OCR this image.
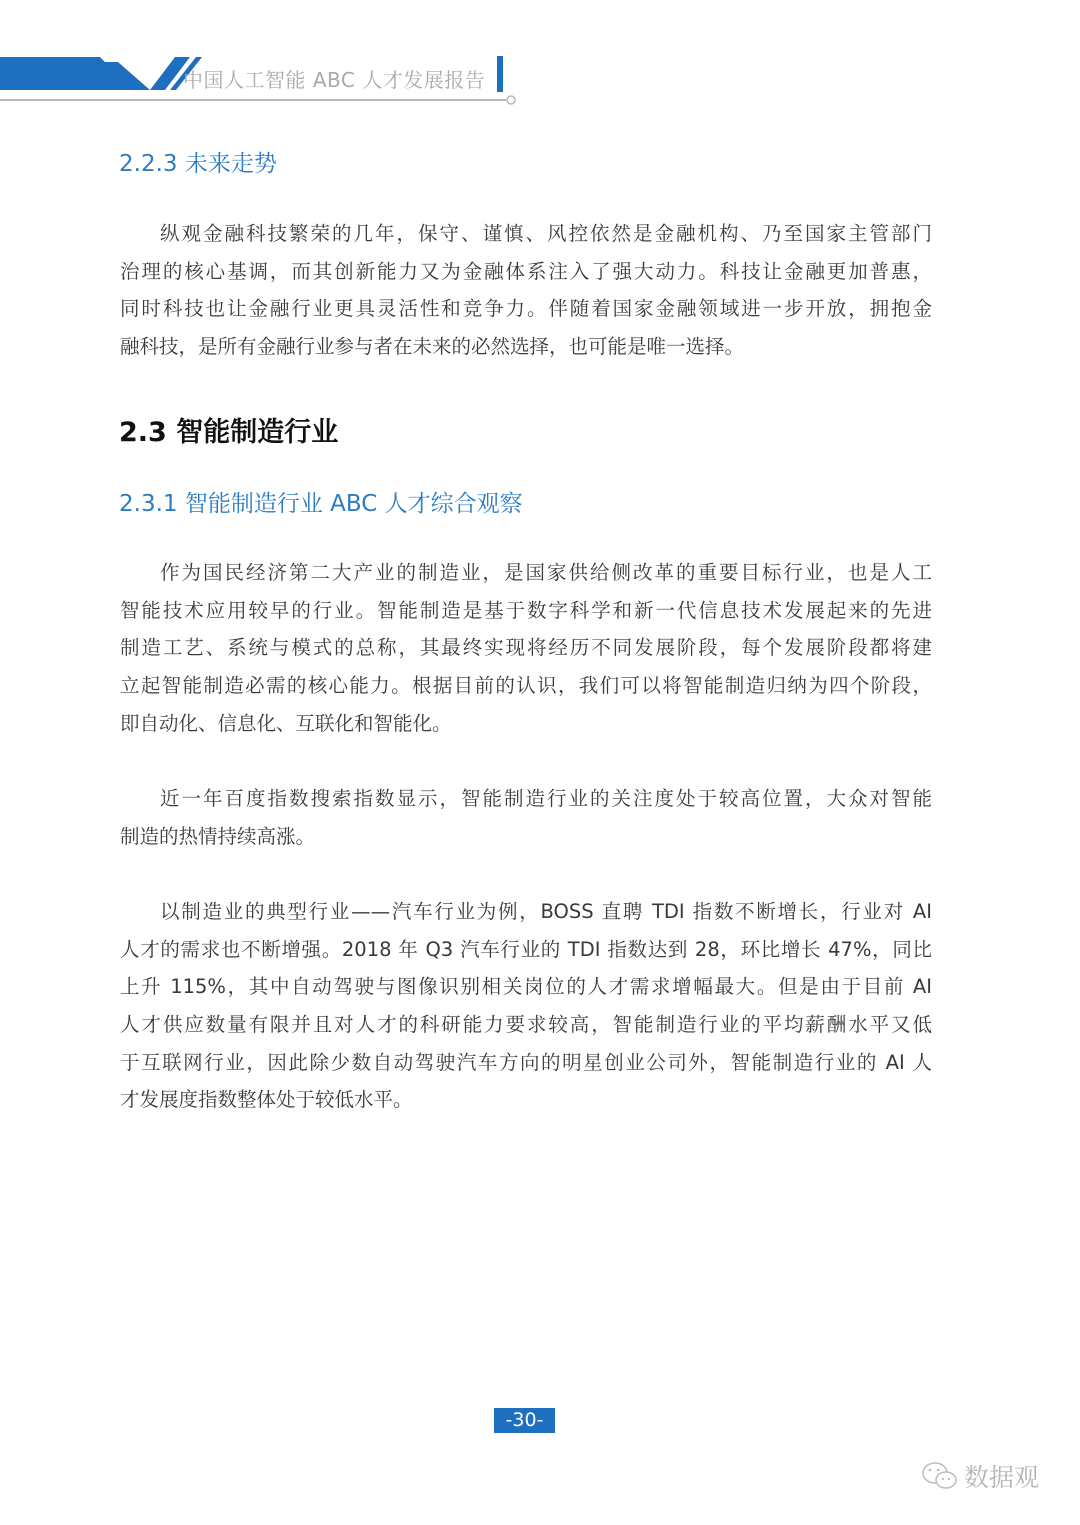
中国人工智能 ABC 人才发展报告
2.2.3 未来走势
纵观金融科技繁荣的几年，保守、谨慎、风控依然是金融机构、乃至国家主管部门
治理的核心基调，而其创新能力又为金融体系注入了强大动力。科技让金融更加普惠，
同时科技也让金融行业更具灵活性和竞争力。伴随着国家金融领域进一步开放，拥抱金
融科技，是所有金融行业参与者在未来的必然选择，也可能是唯一选择。
2.3 智能制造行业
2.3.1 智能制造行业 ABC 人才综合观察
作为国民经济第二大产业的制造业，是国家供给侧改革的重要目标行业，也是人工
智能技术应用较早的行业。智能制造是基于数字科学和新一代信息技术发展起来的先进
制造工艺、系统与模式的总称，其最终实现将经历不同发展阶段，每个发展阶段都将建
立起智能制造必需的核心能力。根据目前的认识，我们可以将智能制造归纳为四个阶段，
即自动化、信息化、互联化和智能化。
近一年百度指数搜索指数显示，智能制造行业的关注度处于较高位置，大众对智能
制造的热情持续高涨。
以制造业的典型行业——汽车行业为例，BOSS 直聘 TDI 指数不断增长，行业对 AI
人才的需求也不断增强。2018 年 Q3 汽车行业的 TDI 指数达到 28，环比增长 47%，同比
上升 115%，其中自动驾驶与图像识别相关岗位的人才需求增幅最大。但是由于目前 AI
人才供应数量有限并且对人才的科研能力要求较高，智能制造行业的平均薪酬水平又低
于互联网行业，因此除少数自动驾驶汽车方向的明星创业公司外，智能制造行业的 AI 人
才发展度指数整体处于较低水平。
-30-
数据观
